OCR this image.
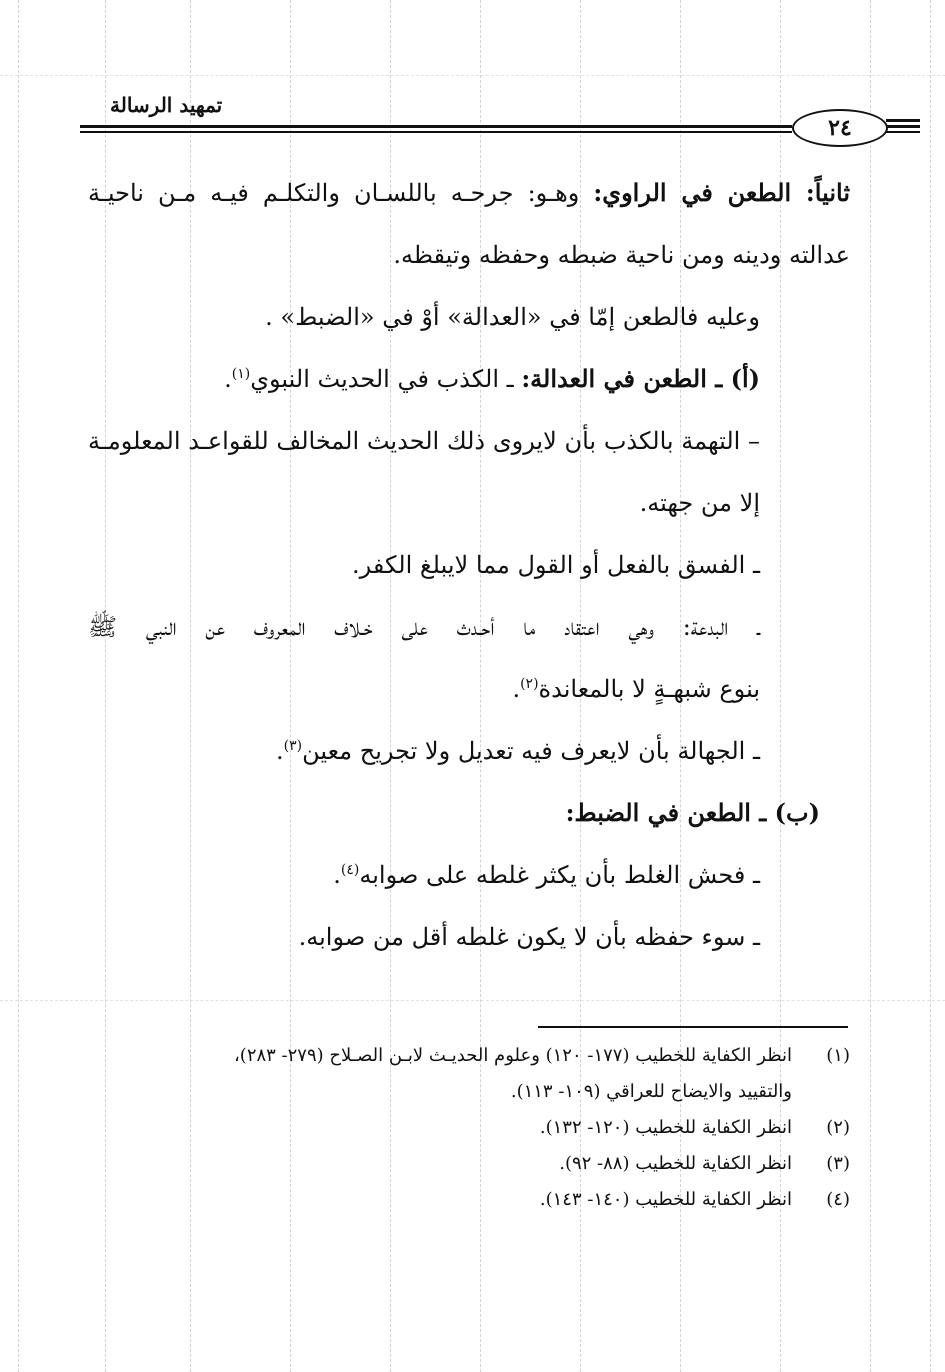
٢٤
تمهيد الرسالة
ثانياً: الطعن في الراوي: وهـو: جرحـه باللسـان والتكلـم فيـه مـن ناحيـة
عدالته ودينه ومن ناحية ضبطه وحفظه وتيقظه.
وعليه فالطعن إمّا في «العدالة» أوْ في «الضبط» .
(أ) ـ الطعن في العدالة: ـ الكذب في الحديث النبوي$^{(١)}$.
– التهمة بالكذب بأن لايروى ذلك الحديث المخالف للقواعـد المعلومـة
إلا من جهته.
ـ الفسق بالفعل أو القول مما لايبلغ الكفر.
ـ البدعة: وهي اعتقاد ما أحـدث على خـلاف المعروف عن النبي ﷺ
بنوع شبهـةٍ لا بالمعاندة$^{(٢)}$.
ـ الجهالة بأن لايعرف فيه تعديل ولا تجريح معين$^{(٣)}$.
(ب) ـ الطعن في الضبط:
ـ فحش الغلط بأن يكثر غلطه على صوابه$^{(٤)}$.
ـ سوء حفظه بأن لا يكون غلطه أقل من صوابه.
(١)
انظر الكفاية للخطيب (١٧٧- ١٢٠) وعلوم الحديـث لابـن الصـلاح (٢٧٩- ٢٨٣)،
والتقييد والايضاح للعراقي (١٠٩- ١١٣).
(٢)
انظر الكفاية للخطيب (١٢٠- ١٣٢).
(٣)
انظر الكفاية للخطيب (٨٨- ٩٢).
(٤)
انظر الكفاية للخطيب (١٤٠- ١٤٣).
